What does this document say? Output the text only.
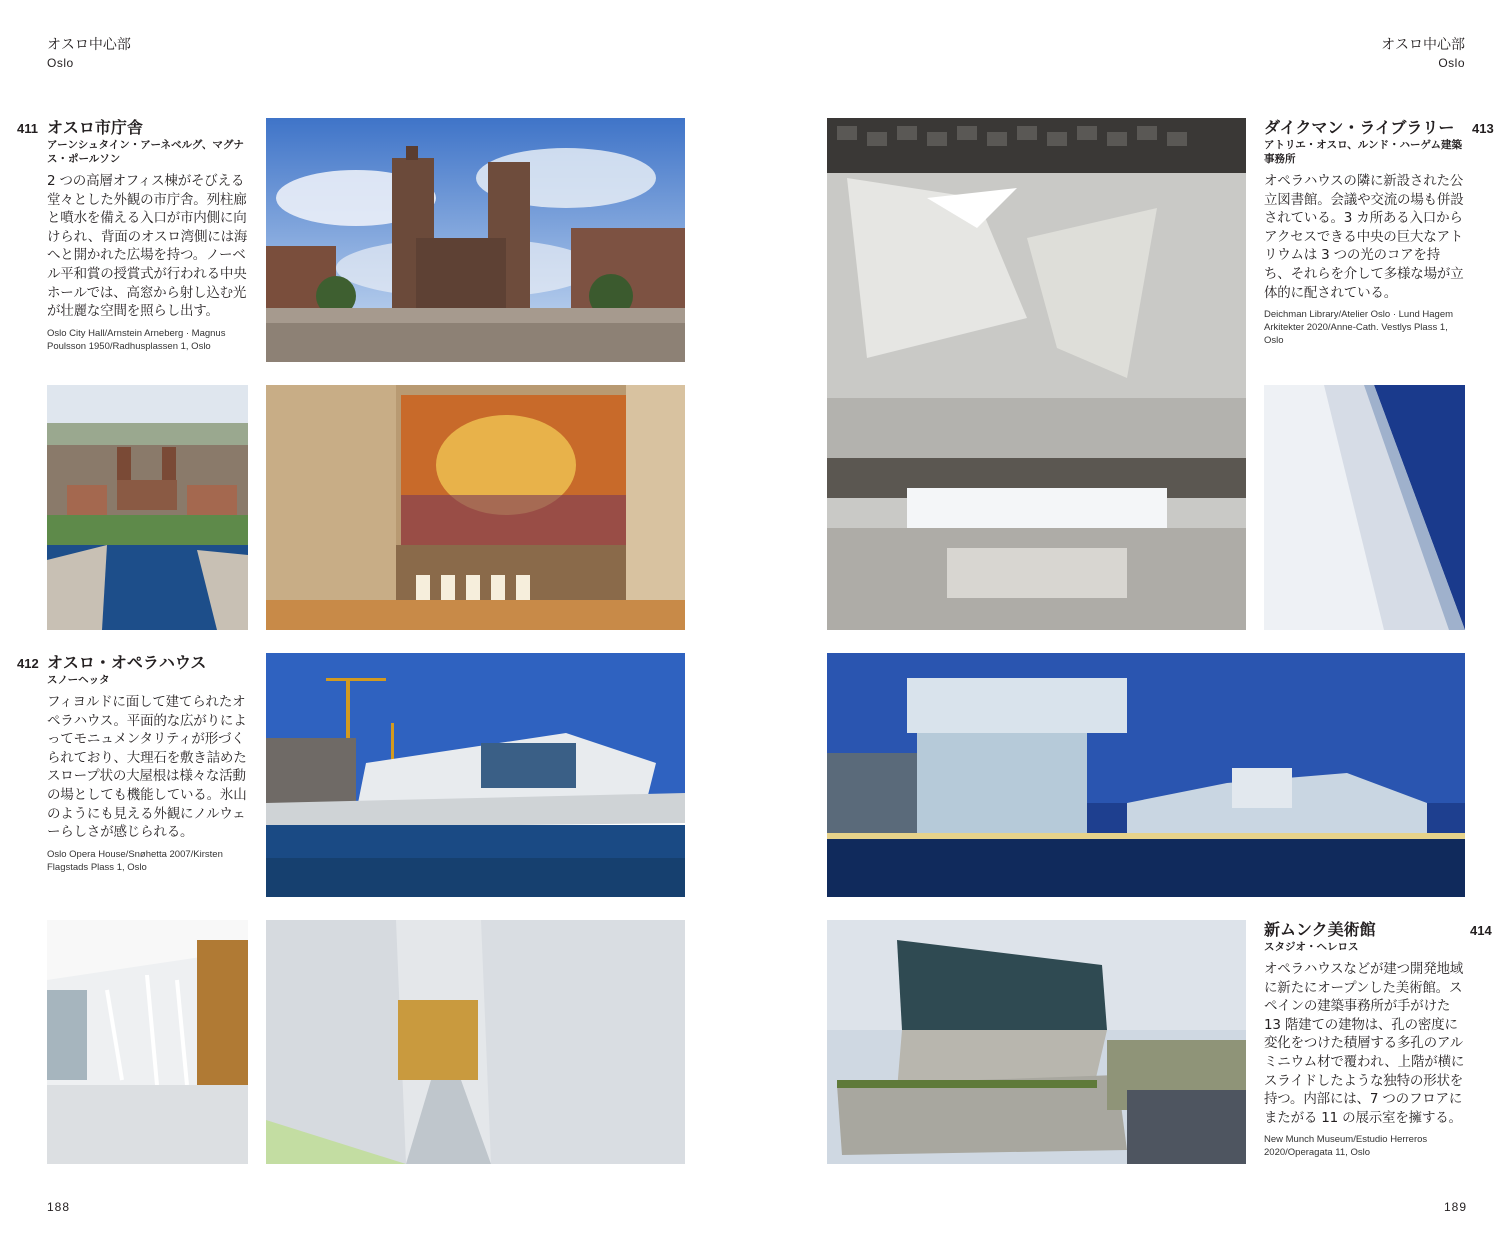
オスロ中心部
Oslo
オスロ中心部
Oslo
411 オスロ市庁舎
アーンシュタイン・アーネベルグ、マグナス・ポールソン
2 つの高層オフィス棟がそびえる堂々とした外観の市庁舎。列柱廊と噴水を備える入口が市内側に向けられ、背面のオスロ湾側には海へと開かれた広場を持つ。ノーベル平和賞の授賞式が行われる中央ホールでは、高窓から射し込む光が壮麗な空間を照らし出す。
Oslo City Hall/Arnstein Arneberg · Magnus Poulsson 1950/Radhusplassen 1, Oslo
412 オスロ・オペラハウス
スノーヘッタ
フィヨルドに面して建てられたオペラハウス。平面的な広がりによってモニュメンタリティが形づくられており、大理石を敷き詰めたスロープ状の大屋根は様々な活動の場としても機能している。氷山のようにも見える外観にノルウェーらしさが感じられる。
Oslo Opera House/Snøhetta 2007/Kirsten Flagstads Plass 1, Oslo
188
413
ダイクマン・ライブラリー
アトリエ・オスロ、ルンド・ハーゲム建築事務所
オペラハウスの隣に新設された公立図書館。会議や交流の場も併設されている。3 カ所ある入口からアクセスできる中央の巨大なアトリウムは 3 つの光のコアを持ち、それらを介して多様な場が立体的に配されている。
Deichman Library/Atelier Oslo · Lund Hagem Arkitekter 2020/Anne-Cath. Vestlys Plass 1, Oslo
414
新ムンク美術館
スタジオ・ヘレロス
オペラハウスなどが建つ開発地域に新たにオープンした美術館。スペインの建築事務所が手がけた 13 階建ての建物は、孔の密度に変化をつけた積層する多孔のアルミニウム材で覆われ、上階が横にスライドしたような独特の形状を持つ。内部には、7 つのフロアにまたがる 11 の展示室を擁する。
New Munch Museum/Estudio Herreros 2020/Operagata 11, Oslo
189
